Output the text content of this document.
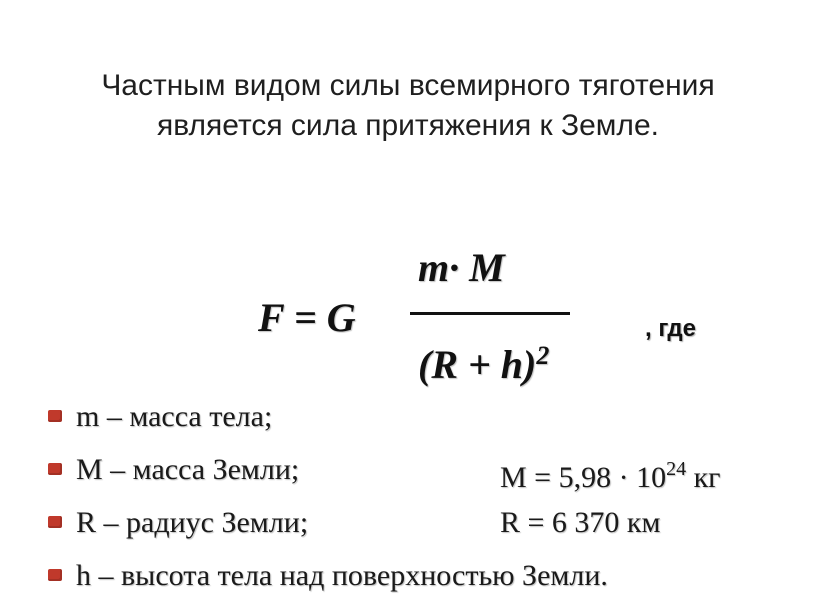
Частным видом силы всемирного тяготения
является сила притяжения к Земле.
F = G
m· M
$(R + h)^2$
, где
m – масса тела;
M – масса Земли;	$M = 5,98 \cdot 10^{24}$ кг
R – радиус Земли;	R = 6 370 км
h – высота тела над поверхностью Земли.
